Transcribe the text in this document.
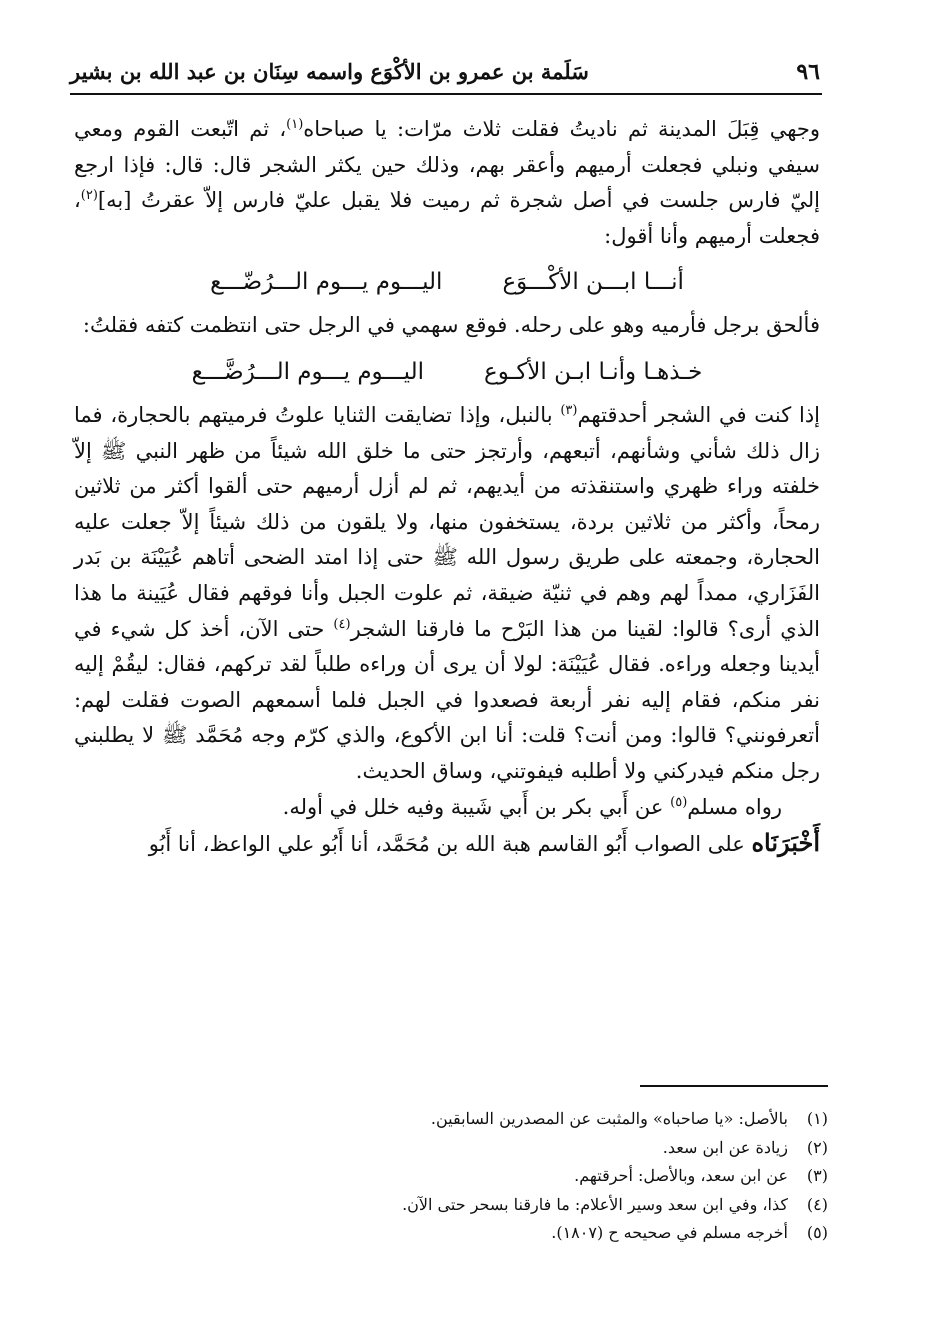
٩٦
سَلَمة بن عمرو بن الأكْوَع واسمه سِنَان بن عبد الله بن بشير

وجهي قِبَلَ المدينة ثم ناديتُ فقلت ثلاث مرّات: يا صباحاه$^{(١)}$، ثم اتّبعت القوم ومعي سيفي ونبلي فجعلت أرميهم وأعقر بهم، وذلك حين يكثر الشجر قال: قال: فإذا ارجع إليّ فارس جلست في أصل شجرة ثم رميت فلا يقبل عليّ فارس إلاّ عقرتُ [به]$^{(٢)}$، فجعلت أرميهم وأنا أقول:

أنـــا ابـــن الأكْـــوَع
اليـــوم يـــوم الـــرُضّـــع

فألحق برجل فأرميه وهو على رحله. فوقع سهمي في الرجل حتى انتظمت كتفه فقلتُ:

خـذهـا وأنـا ابـن الأكـوع
اليـــوم يـــوم الـــرُضَّـــع

إذا كنت في الشجر أحدقتهم$^{(٣)}$ بالنبل، وإذا تضايقت الثنايا علوتُ فرميتهم بالحجارة، فما زال ذلك شأني وشأنهم، أتبعهم، وأرتجز حتى ما خلق الله شيئاً من ظهر النبي ﷺ إلاّ خلفته وراء ظهري واستنقذته من أيديهم، ثم لم أزل أرميهم حتى ألقوا أكثر من ثلاثين رمحاً، وأكثر من ثلاثين بردة، يستخفون منها، ولا يلقون من ذلك شيئاً إلاّ جعلت عليه الحجارة، وجمعته على طريق رسول الله ﷺ حتى إذا امتد الضحى أتاهم عُيَيْنَة بن بَدر الفَزَاري، ممداً لهم وهم في ثنيّة ضيقة، ثم علوت الجبل وأنا فوقهم فقال عُيَينة ما هذا الذي أرى؟ قالوا: لقينا من هذا البَرْح ما فارقنا الشجر$^{(٤)}$ حتى الآن، أخذ كل شيء في أيدينا وجعله وراءه. فقال عُيَيْنَة: لولا أن يرى أن وراءه طلباً لقد تركهم، فقال: ليقُمْ إليه نفر منكم، فقام إليه نفر أربعة فصعدوا في الجبل فلما أسمعهم الصوت فقلت لهم: أتعرفونني؟ قالوا: ومن أنت؟ قلت: أنا ابن الأكوع، والذي كرّم وجه مُحَمَّد ﷺ لا يطلبني رجل منكم فيدركني ولا أطلبه فيفوتني، وساق الحديث.

رواه مسلم$^{(٥)}$ عن أَبي بكر بن أَبي شَيبة وفيه خلل في أوله.

أَخْبَرَنَاه على الصواب أَبُو القاسم هبة الله بن مُحَمَّد، أنا أَبُو علي الواعظ، أنا أَبُو

(١)
بالأصل: «يا صاحباه» والمثبت عن المصدرين السابقين.
(٢)
زيادة عن ابن سعد.
(٣)
عن ابن سعد، وبالأصل: أحرقتهم.
(٤)
كذا، وفي ابن سعد وسير الأعلام: ما فارقنا بسحر حتى الآن.
(٥)
أخرجه مسلم في صحيحه ح (١٨٠٧).
